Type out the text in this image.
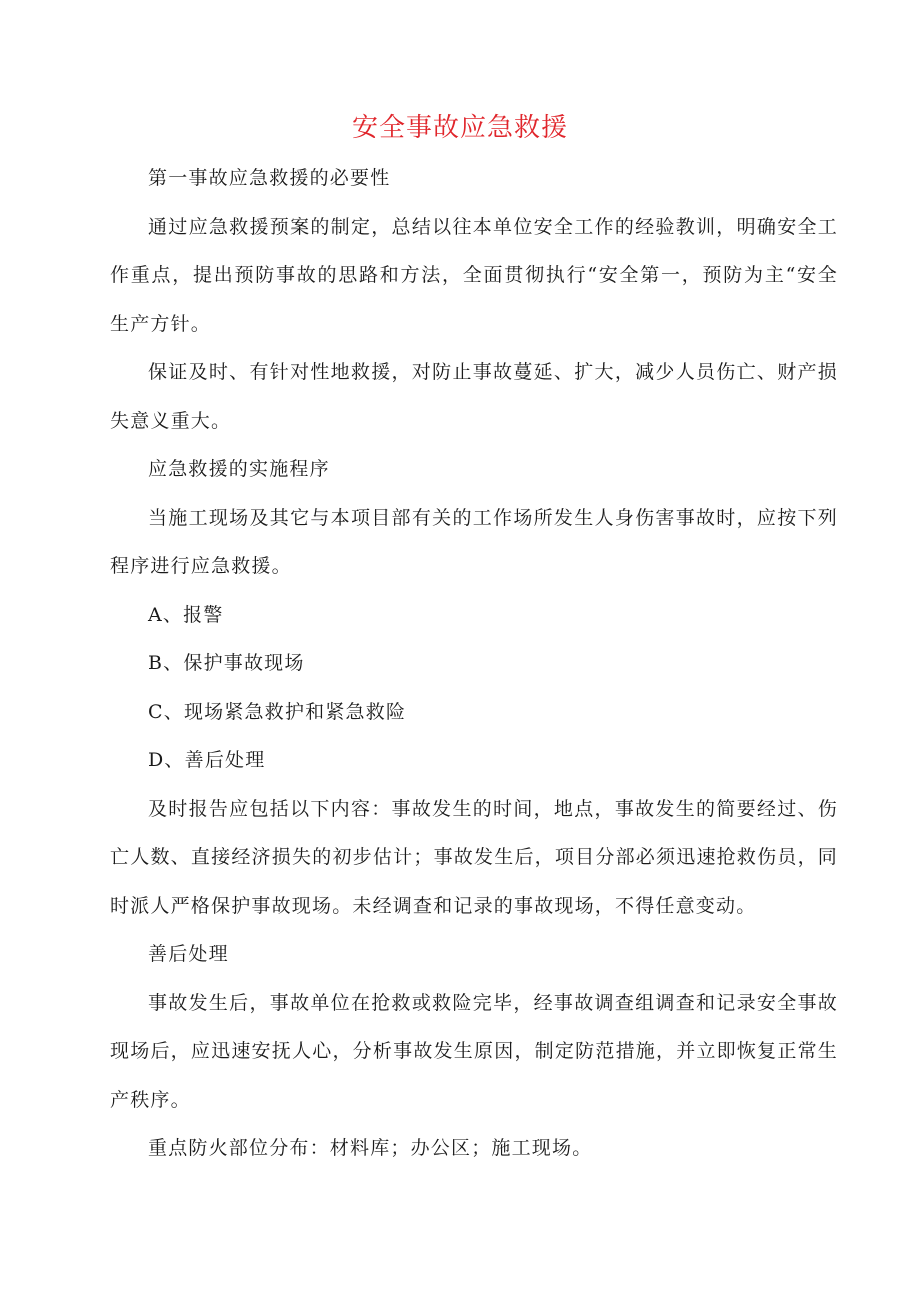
安全事故应急救援

第一事故应急救援的必要性

通过应急救援预案的制定，总结以往本单位安全工作的经验教训，明确安全工作重点，提出预防事故的思路和方法，全面贯彻执行“安全第一，预防为主“安全生产方针。

保证及时、有针对性地救援，对防止事故蔓延、扩大，减少人员伤亡、财产损失意义重大。

应急救援的实施程序

当施工现场及其它与本项目部有关的工作场所发生人身伤害事故时，应按下列程序进行应急救援。

A、报警

B、保护事故现场

C、现场紧急救护和紧急救险

D、善后处理

及时报告应包括以下内容：事故发生的时间，地点，事故发生的简要经过、伤亡人数、直接经济损失的初步估计；事故发生后，项目分部必须迅速抢救伤员，同时派人严格保护事故现场。未经调查和记录的事故现场，不得任意变动。

善后处理

事故发生后，事故单位在抢救或救险完毕，经事故调查组调查和记录安全事故现场后，应迅速安抚人心，分析事故发生原因，制定防范措施，并立即恢复正常生产秩序。

重点防火部位分布：材料库；办公区；施工现场。
